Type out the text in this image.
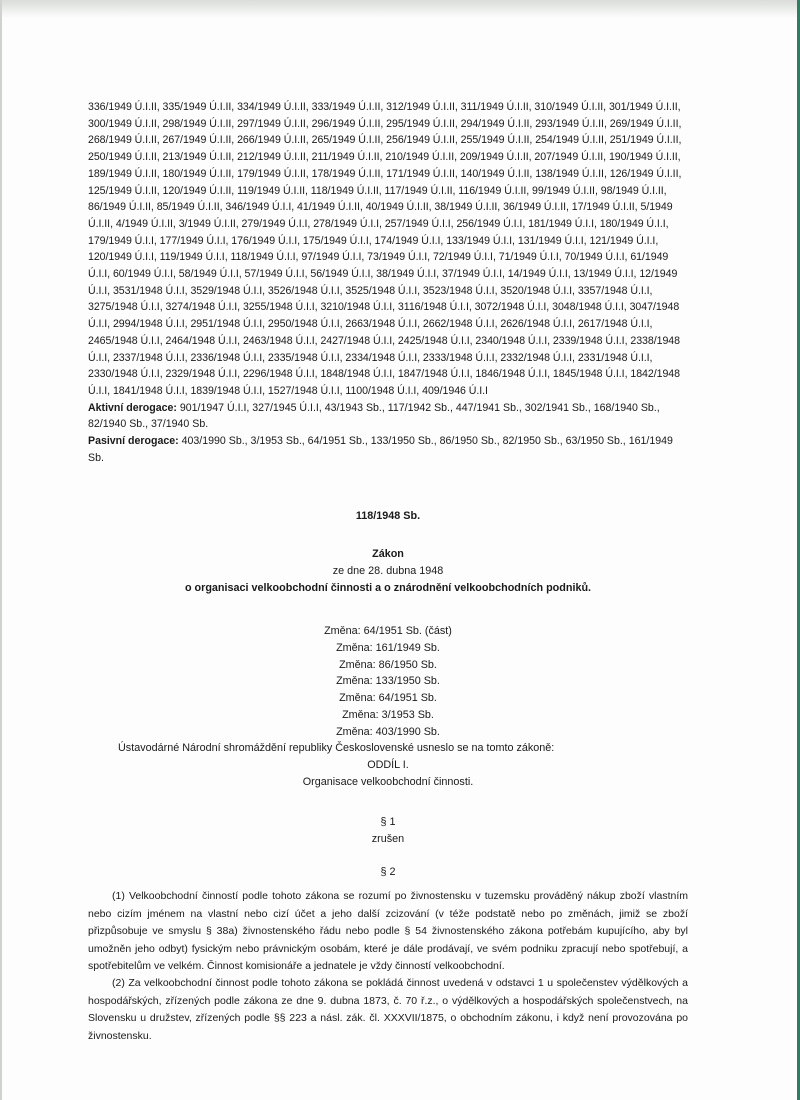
336/1949 Ú.I.II, 335/1949 Ú.I.II, 334/1949 Ú.I.II, 333/1949 Ú.I.II, 312/1949 Ú.I.II, 311/1949 Ú.I.II, 310/1949 Ú.I.II, 301/1949 Ú.I.II, 300/1949 Ú.I.II, 298/1949 Ú.I.II, 297/1949 Ú.I.II, 296/1949 Ú.I.II, 295/1949 Ú.I.II, 294/1949 Ú.I.II, 293/1949 Ú.I.II, 269/1949 Ú.I.II, 268/1949 Ú.I.II, 267/1949 Ú.I.II, 266/1949 Ú.I.II, 265/1949 Ú.I.II, 256/1949 Ú.I.II, 255/1949 Ú.I.II, 254/1949 Ú.I.II, 251/1949 Ú.I.II, 250/1949 Ú.I.II, 213/1949 Ú.I.II, 212/1949 Ú.I.II, 211/1949 Ú.I.II, 210/1949 Ú.I.II, 209/1949 Ú.I.II, 207/1949 Ú.I.II, 190/1949 Ú.I.II, 189/1949 Ú.I.II, 180/1949 Ú.I.II, 179/1949 Ú.I.II, 178/1949 Ú.I.II, 171/1949 Ú.I.II, 140/1949 Ú.I.II, 138/1949 Ú.I.II, 126/1949 Ú.I.II, 125/1949 Ú.I.II, 120/1949 Ú.I.II, 119/1949 Ú.I.II, 118/1949 Ú.I.II, 117/1949 Ú.I.II, 116/1949 Ú.I.II, 99/1949 Ú.I.II, 98/1949 Ú.I.II, 86/1949 Ú.I.II, 85/1949 Ú.I.II, 346/1949 Ú.I.I, 41/1949 Ú.I.II, 40/1949 Ú.I.II, 38/1949 Ú.I.II, 36/1949 Ú.I.II, 17/1949 Ú.I.II, 5/1949 Ú.I.II, 4/1949 Ú.I.II, 3/1949 Ú.I.II, 279/1949 Ú.I.I, 278/1949 Ú.I.I, 257/1949 Ú.I.I, 256/1949 Ú.I.I, 181/1949 Ú.I.I, 180/1949 Ú.I.I, 179/1949 Ú.I.I, 177/1949 Ú.I.I, 176/1949 Ú.I.I, 175/1949 Ú.I.I, 174/1949 Ú.I.I, 133/1949 Ú.I.I, 131/1949 Ú.I.I, 121/1949 Ú.I.I, 120/1949 Ú.I.I, 119/1949 Ú.I.I, 118/1949 Ú.I.I, 97/1949 Ú.I.I, 73/1949 Ú.I.I, 72/1949 Ú.I.I, 71/1949 Ú.I.I, 70/1949 Ú.I.I, 61/1949 Ú.I.I, 60/1949 Ú.I.I, 58/1949 Ú.I.I, 57/1949 Ú.I.I, 56/1949 Ú.I.I, 38/1949 Ú.I.I, 37/1949 Ú.I.I, 14/1949 Ú.I.I, 13/1949 Ú.I.I, 12/1949 Ú.I.I, 3531/1948 Ú.I.I, 3529/1948 Ú.I.I, 3526/1948 Ú.I.I, 3525/1948 Ú.I.I, 3523/1948 Ú.I.I, 3520/1948 Ú.I.I, 3357/1948 Ú.I.I, 3275/1948 Ú.I.I, 3274/1948 Ú.I.I, 3255/1948 Ú.I.I, 3210/1948 Ú.I.I, 3116/1948 Ú.I.I, 3072/1948 Ú.I.I, 3048/1948 Ú.I.I, 3047/1948 Ú.I.I, 2994/1948 Ú.I.I, 2951/1948 Ú.I.I, 2950/1948 Ú.I.I, 2663/1948 Ú.I.I, 2662/1948 Ú.I.I, 2626/1948 Ú.I.I, 2617/1948 Ú.I.I, 2465/1948 Ú.I.I, 2464/1948 Ú.I.I, 2463/1948 Ú.I.I, 2427/1948 Ú.I.I, 2425/1948 Ú.I.I, 2340/1948 Ú.I.I, 2339/1948 Ú.I.I, 2338/1948 Ú.I.I, 2337/1948 Ú.I.I, 2336/1948 Ú.I.I, 2335/1948 Ú.I.I, 2334/1948 Ú.I.I, 2333/1948 Ú.I.I, 2332/1948 Ú.I.I, 2331/1948 Ú.I.I, 2330/1948 Ú.I.I, 2329/1948 Ú.I.I, 2296/1948 Ú.I.I, 1848/1948 Ú.I.I, 1847/1948 Ú.I.I, 1846/1948 Ú.I.I, 1845/1948 Ú.I.I, 1842/1948 Ú.I.I, 1841/1948 Ú.I.I, 1839/1948 Ú.I.I, 1527/1948 Ú.I.I, 1100/1948 Ú.I.I, 409/1946 Ú.I.I

Aktivní derogace: 901/1947 Ú.I.I, 327/1945 Ú.I.I, 43/1943 Sb., 117/1942 Sb., 447/1941 Sb., 302/1941 Sb., 168/1940 Sb., 82/1940 Sb., 37/1940 Sb.

Pasivní derogace: 403/1990 Sb., 3/1953 Sb., 64/1951 Sb., 133/1950 Sb., 86/1950 Sb., 82/1950 Sb., 63/1950 Sb., 161/1949 Sb.

118/1948 Sb.
Zákon
ze dne 28. dubna 1948
o organisaci velkoobchodní činnosti a o znárodnění velkoobchodních podniků.
Změna: 64/1951 Sb. (část)
Změna: 161/1949 Sb.
Změna: 86/1950 Sb.
Změna: 133/1950 Sb.
Změna: 64/1951 Sb.
Změna: 3/1953 Sb.
Změna: 403/1990 Sb.

Ústavodárné Národní shromáždění republiky Československé usneslo se na tomto zákoně:

ODDÍL I.
Organisace velkoobchodní činnosti.
§ 1
zrušen
§ 2

(1) Velkoobchodní činností podle tohoto zákona se rozumí po živnostensku v tuzemsku prováděný nákup zboží vlastním nebo cizím jménem na vlastní nebo cizí účet a jeho další zcizování (v téže podstatě nebo po změnách, jimiž se zboží přizpůsobuje ve smyslu § 38a) živnostenského řádu nebo podle § 54 živnostenského zákona potřebám kupujícího, aby byl umožněn jeho odbyt) fysickým nebo právnickým osobám, které je dále prodávají, ve svém podniku zpracují nebo spotřebují, a spotřebitelům ve velkém. Činnost komisionáře a jednatele je vždy činností velkoobchodní.

(2) Za velkoobchodní činnost podle tohoto zákona se pokládá činnost uvedená v odstavci 1 u společenstev výdělkových a hospodářských, zřízených podle zákona ze dne 9. dubna 1873, č. 70 ř.z., o výdělkových a hospodářských společenstvech, na Slovensku u družstev, zřízených podle §§ 223 a násl. zák. čl. XXXVII/1875, o obchodním zákonu, i když není provozována po živnostensku.
